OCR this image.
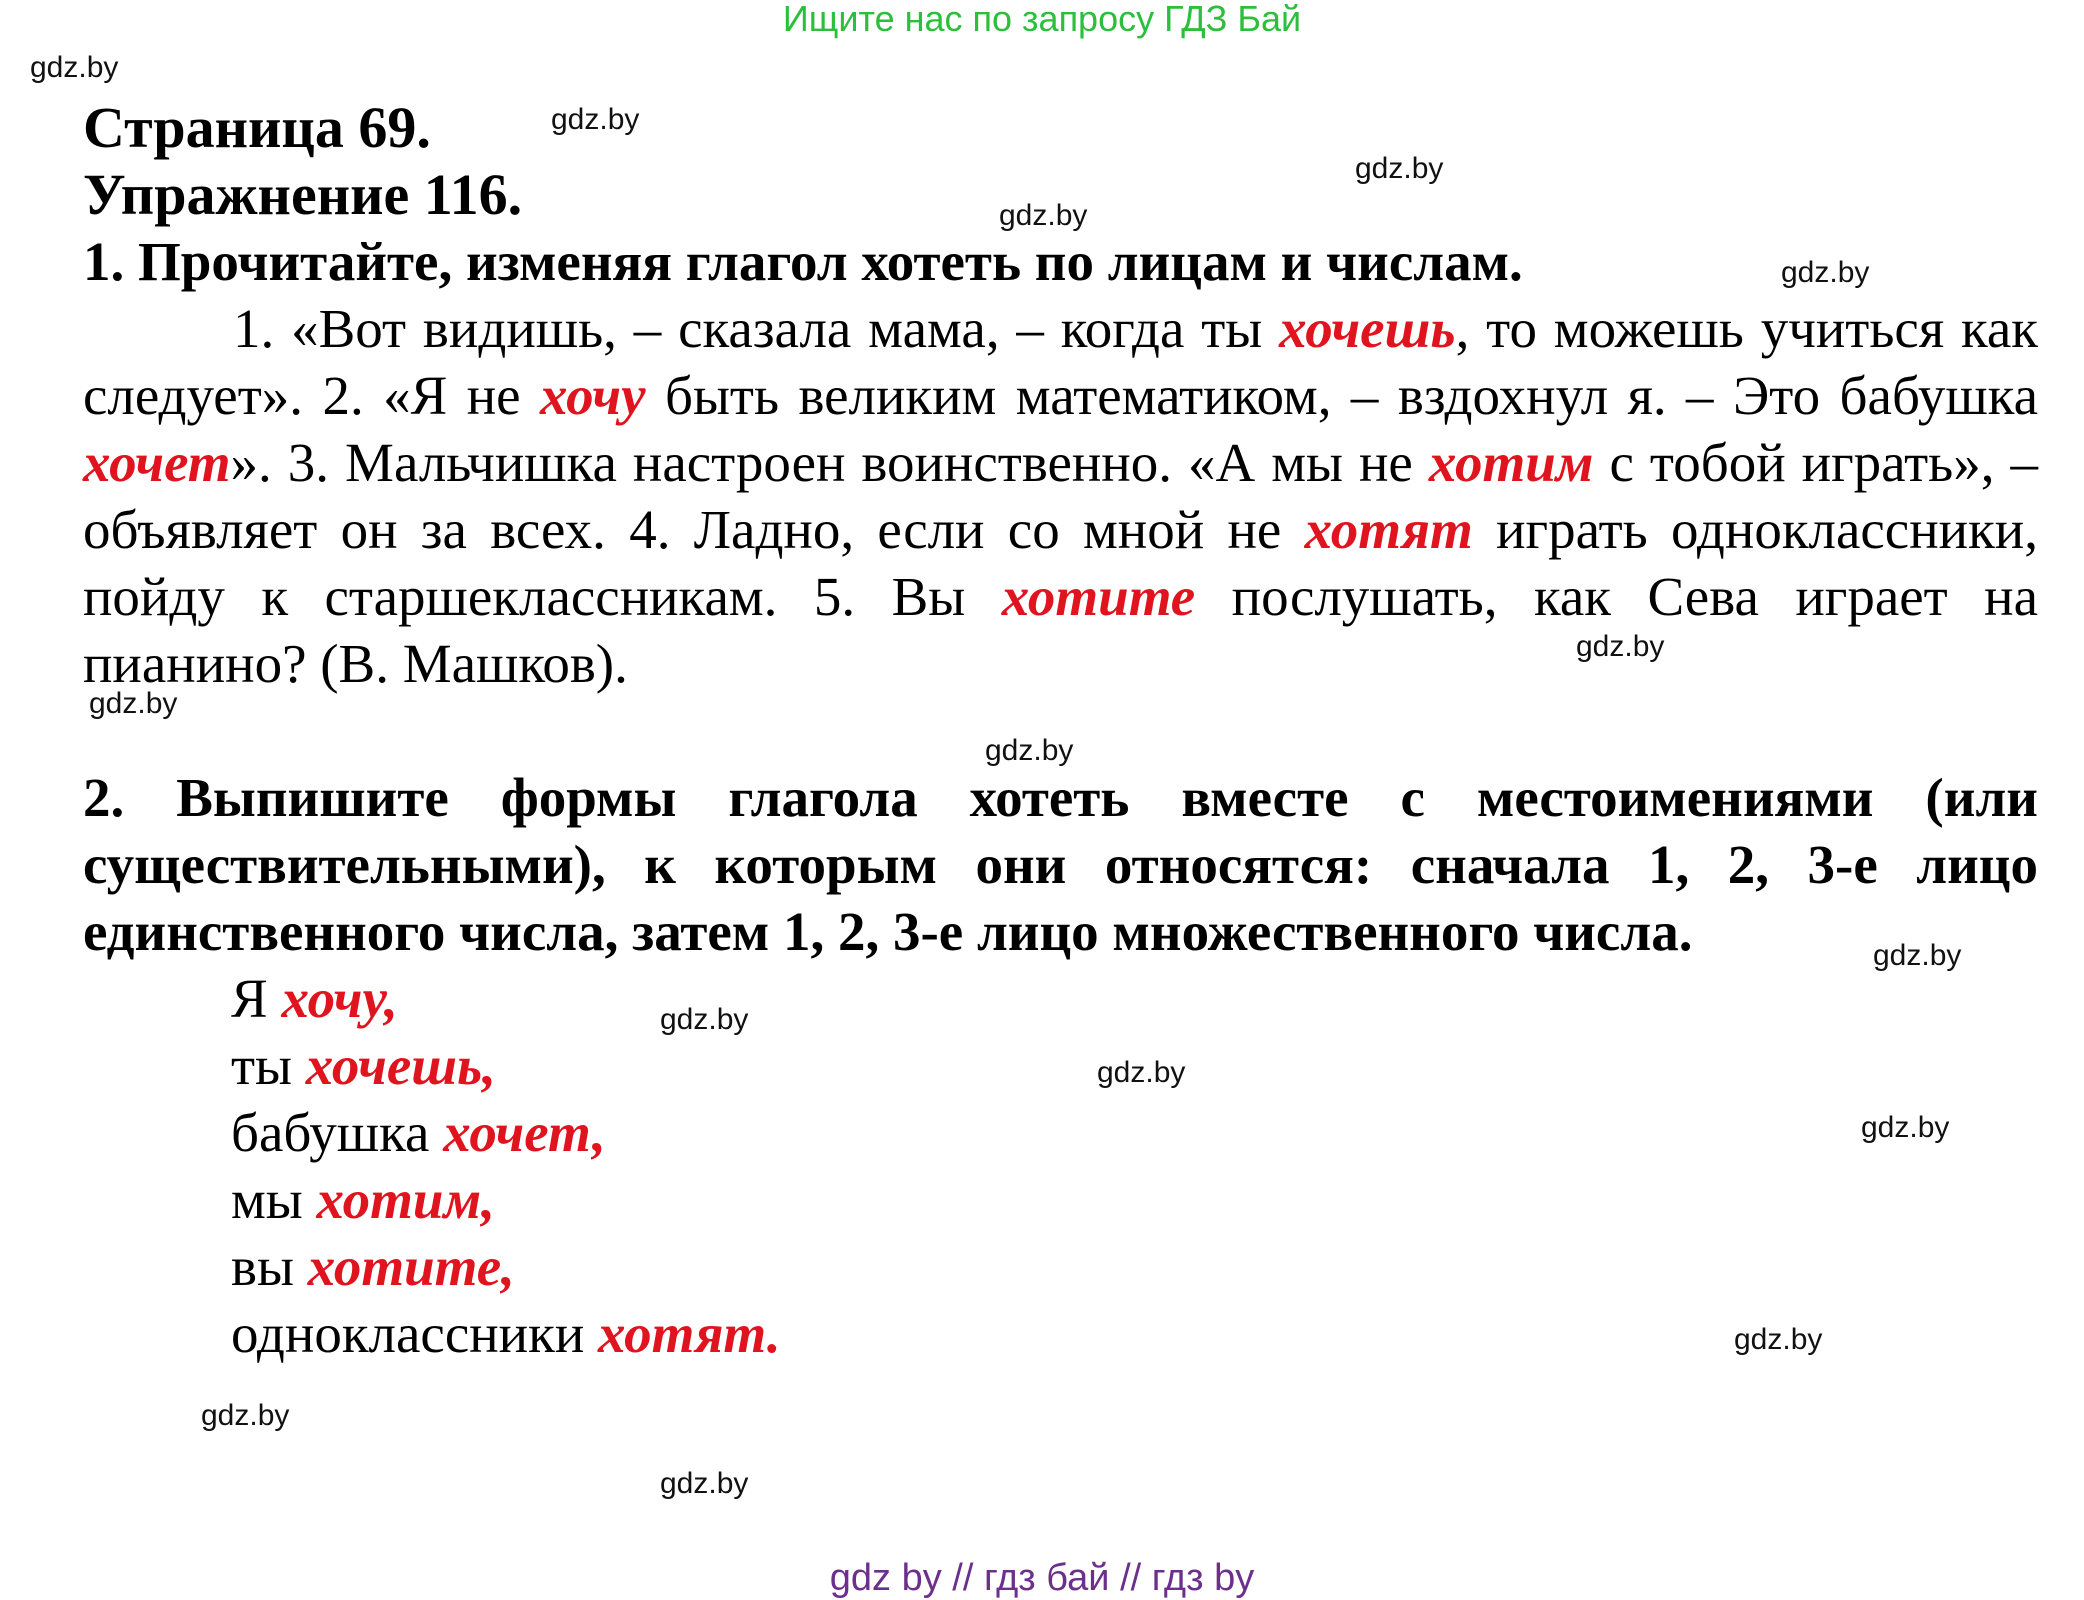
Ищите нас по запросу ГДЗ Бай
gdz.by
gdz.by
gdz.by
gdz.by
gdz.by
gdz.by
gdz.by
gdz.by
gdz.by
gdz.by
gdz.by
gdz.by
gdz.by
gdz.by
gdz.by
Страница 69.
Упражнение 116.
1. Прочитайте, изменяя глагол хотеть по лицам и числам.

1. «Вот видишь, – сказала мама, – когда ты хочешь, то можешь учиться как следует». 2. «Я не хочу быть великим математиком, – вздохнул я. – Это бабушка хочет». 3. Мальчишка настроен воинственно. «А мы не хотим с тобой играть», – объявляет он за всех. 4. Ладно, если со мной не хотят играть одноклассники, пойду к старшеклассникам. 5. Вы хотите послушать, как Сева играет на пианино? (В. Машков).

2. Выпишите формы глагола хотеть вместе с местоимениями (или существительными), к которым они относятся: сначала 1, 2, 3-е лицо единственного числа, затем 1, 2, 3-е лицо множественного числа.
Я хочу,
ты хочешь,
бабушка хочет,
мы хотим,
вы хотите,
одноклассники хотят.
gdz by // гдз бай // гдз by
